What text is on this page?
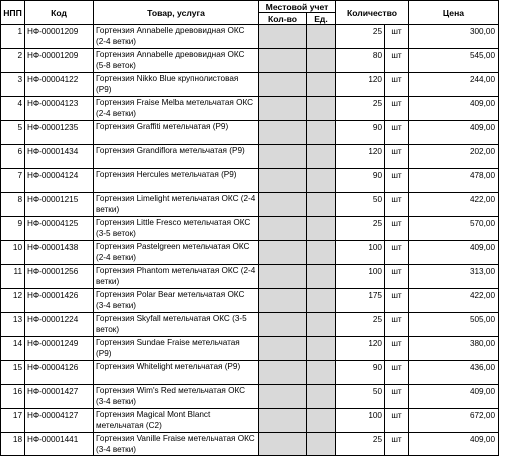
НПП	Код	Товар, услуга	Местовой учет		Количество		Цена
			Кол-во	Ед.			
1	НФ-00001209	Гортензия Annabelle древовидная ОКС (2-4 ветки)			25	шт	300,00
2	НФ-00001209	Гортензия Annabelle древовидная ОКС (5-8 веток)			80	шт	545,00
3	НФ-00004122	Гортензия Nikko Blue крупнолистовая (Р9)			120	шт	244,00
4	НФ-00004123	Гортензия Fraise Melba метельчатая ОКС (2-4 ветки)			25	шт	409,00
5	НФ-00001235	Гортензия Graffiti метельчатая (Р9)			90	шт	409,00
6	НФ-00001434	Гортензия Grandiflora метельчатая (Р9)			120	шт	202,00
7	НФ-00004124	Гортензия Hercules метельчатая (Р9)			90	шт	478,00
8	НФ-00001215	Гортензия Limelight метельчатая ОКС (2-4 ветки)			50	шт	422,00
9	НФ-00004125	Гортензия Little Fresco метельчатая ОКС (3-5 веток)			25	шт	570,00
10	НФ-00001438	Гортензия Pastelgreen метельчатая ОКС (2-4 ветки)			100	шт	409,00
11	НФ-00001256	Гортензия Phantom метельчатая ОКС (2-4 ветки)			100	шт	313,00
12	НФ-00001426	Гортензия Polar Bear метельчатая ОКС (3-4 ветки)			175	шт	422,00
13	НФ-00001224	Гортензия Skyfall метельчатая ОКС (3-5 веток)			25	шт	505,00
14	НФ-00001249	Гортензия Sundae Fraise метельчатая (Р9)			120	шт	380,00
15	НФ-00004126	Гортензия Whitelight метельчатая (Р9)			90	шт	436,00
16	НФ-00001427	Гортензия Wim's Red метельчатая ОКС (3-4 ветки)			50	шт	409,00
17	НФ-00004127	Гортензия Magical Mont Blanct метельчатая (С2)			100	шт	672,00
18	НФ-00001441	Гортензия Vanille Fraise метельчатая ОКС (3-4 ветки)			25	шт	409,00
